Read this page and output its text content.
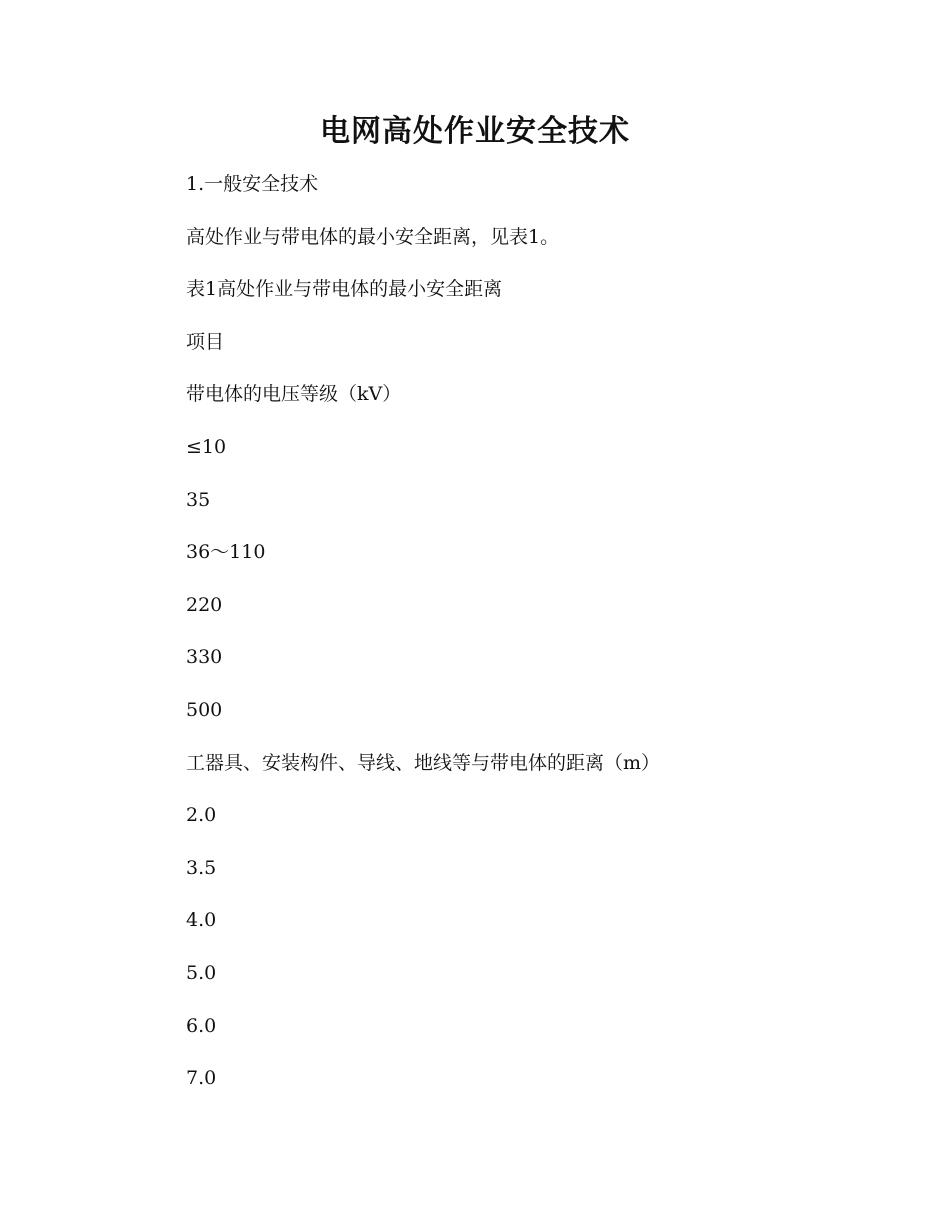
电网高处作业安全技术

1.一般安全技术

高处作业与带电体的最小安全距离，见表1。

表1高处作业与带电体的最小安全距离

项目

带电体的电压等级（kV）

≤10

35

36～110

220

330

500

工器具、安装构件、导线、地线等与带电体的距离（m）

2.0

3.5

4.0

5.0

6.0

7.0
